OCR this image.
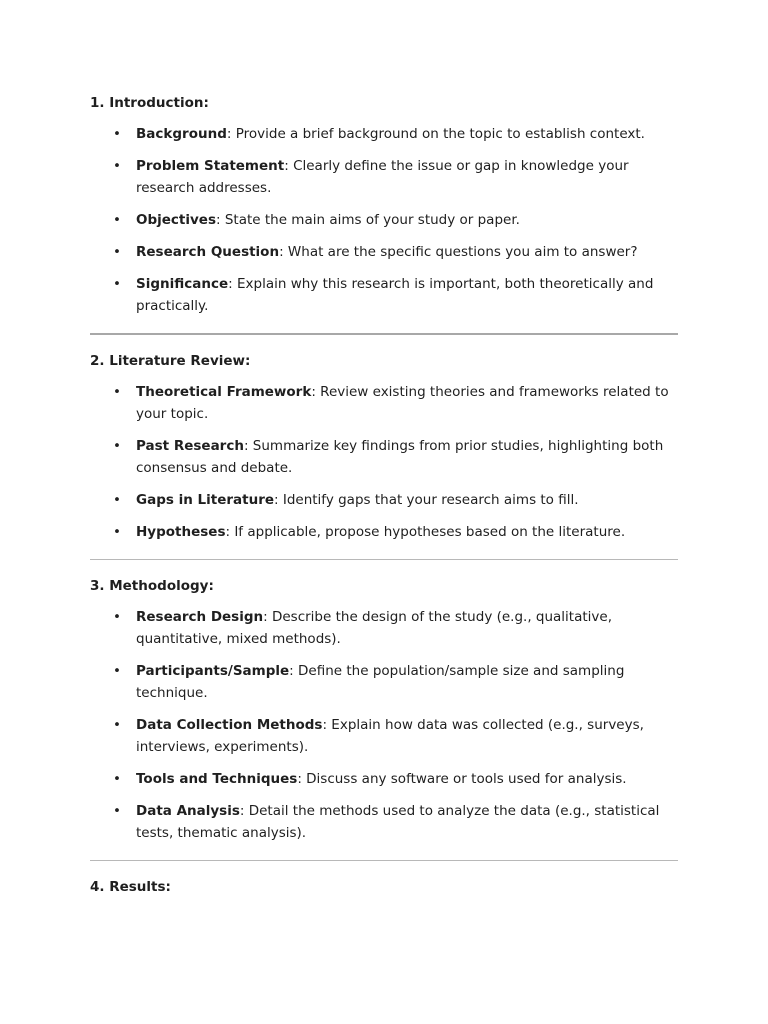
1. Introduction:

• Background: Provide a brief background on the topic to establish context.
• Problem Statement: Clearly define the issue or gap in knowledge your research addresses.
• Objectives: State the main aims of your study or paper.
• Research Question: What are the specific questions you aim to answer?
• Significance: Explain why this research is important, both theoretically and practically.

2. Literature Review:

• Theoretical Framework: Review existing theories and frameworks related to your topic.
• Past Research: Summarize key findings from prior studies, highlighting both consensus and debate.
• Gaps in Literature: Identify gaps that your research aims to fill.
• Hypotheses: If applicable, propose hypotheses based on the literature.

3. Methodology:

• Research Design: Describe the design of the study (e.g., qualitative, quantitative, mixed methods).
• Participants/Sample: Define the population/sample size and sampling technique.
• Data Collection Methods: Explain how data was collected (e.g., surveys, interviews, experiments).
• Tools and Techniques: Discuss any software or tools used for analysis.
• Data Analysis: Detail the methods used to analyze the data (e.g., statistical tests, thematic analysis).

4. Results:
